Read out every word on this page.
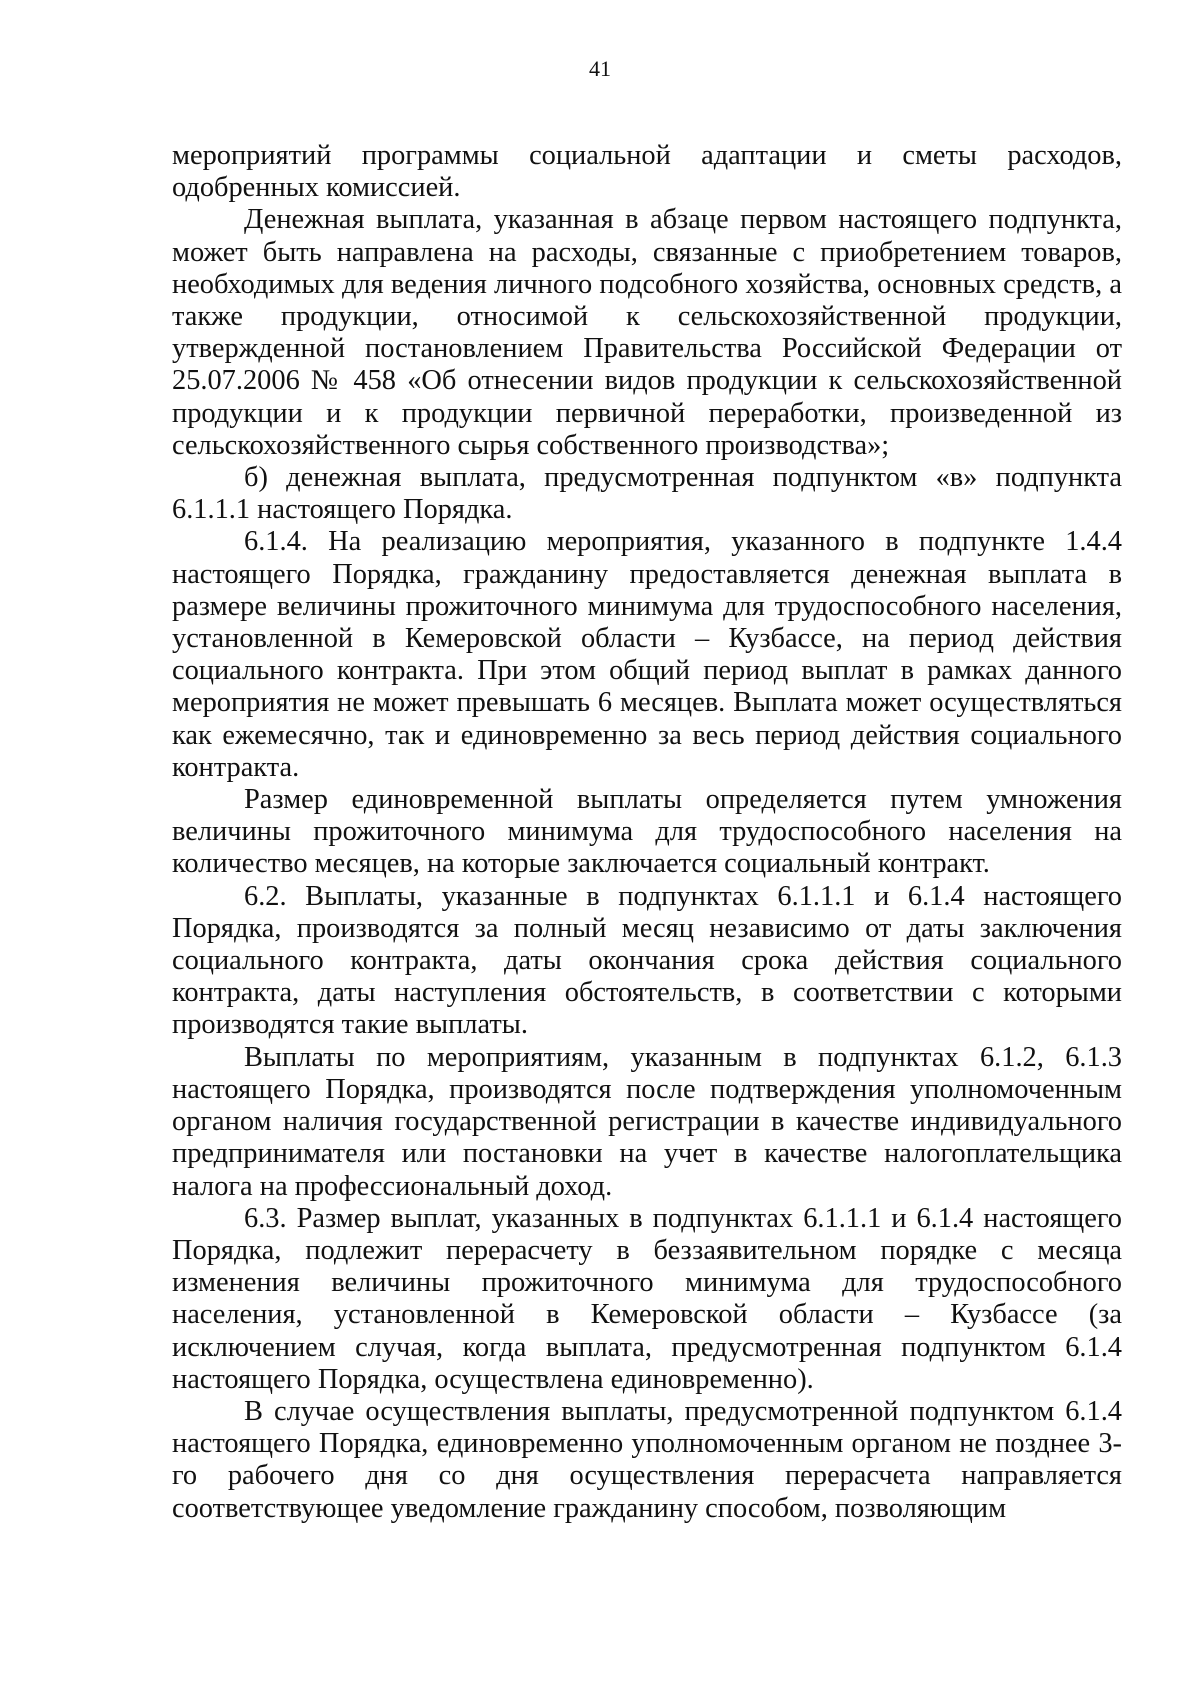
41

мероприятий программы социальной адаптации и сметы расходов, одобренных комиссией.

Денежная выплата, указанная в абзаце первом настоящего подпункта, может быть направлена на расходы, связанные с приобретением товаров, необходимых для ведения личного подсобного хозяйства, основных средств, а также продукции, относимой к сельскохозяйственной продукции, утвержденной постановлением Правительства Российской Федерации от 25.07.2006 № 458 «Об отнесении видов продукции к сельскохозяйственной продукции и к продукции первичной переработки, произведенной из сельскохозяйственного сырья собственного производства»;

б) денежная выплата, предусмотренная подпунктом «в» подпункта 6.1.1.1 настоящего Порядка.

6.1.4. На реализацию мероприятия, указанного в подпункте 1.4.4 настоящего Порядка, гражданину предоставляется денежная выплата в размере величины прожиточного минимума для трудоспособного населения, установленной в Кемеровской области – Кузбассе, на период действия социального контракта. При этом общий период выплат в рамках данного мероприятия не может превышать 6 месяцев. Выплата может осуществляться как ежемесячно, так и единовременно за весь период действия социального контракта.

Размер единовременной выплаты определяется путем умножения величины прожиточного минимума для трудоспособного населения на количество месяцев, на которые заключается социальный контракт.

6.2. Выплаты, указанные в подпунктах 6.1.1.1 и 6.1.4 настоящего Порядка, производятся за полный месяц независимо от даты заключения социального контракта, даты окончания срока действия социального контракта, даты наступления обстоятельств, в соответствии с которыми производятся такие выплаты.

Выплаты по мероприятиям, указанным в подпунктах 6.1.2, 6.1.3 настоящего Порядка, производятся после подтверждения уполномоченным органом наличия государственной регистрации в качестве индивидуального предпринимателя или постановки на учет в качестве налогоплательщика налога на профессиональный доход.

6.3. Размер выплат, указанных в подпунктах 6.1.1.1 и 6.1.4 настоящего Порядка, подлежит перерасчету в беззаявительном порядке с месяца изменения величины прожиточного минимума для трудоспособного населения, установленной в Кемеровской области – Кузбассе (за исключением случая, когда выплата, предусмотренная подпунктом 6.1.4 настоящего Порядка, осуществлена единовременно).

В случае осуществления выплаты, предусмотренной подпунктом 6.1.4 настоящего Порядка, единовременно уполномоченным органом не позднее 3-го рабочего дня со дня осуществления перерасчета направляется соответствующее уведомление гражданину способом, позволяющим
